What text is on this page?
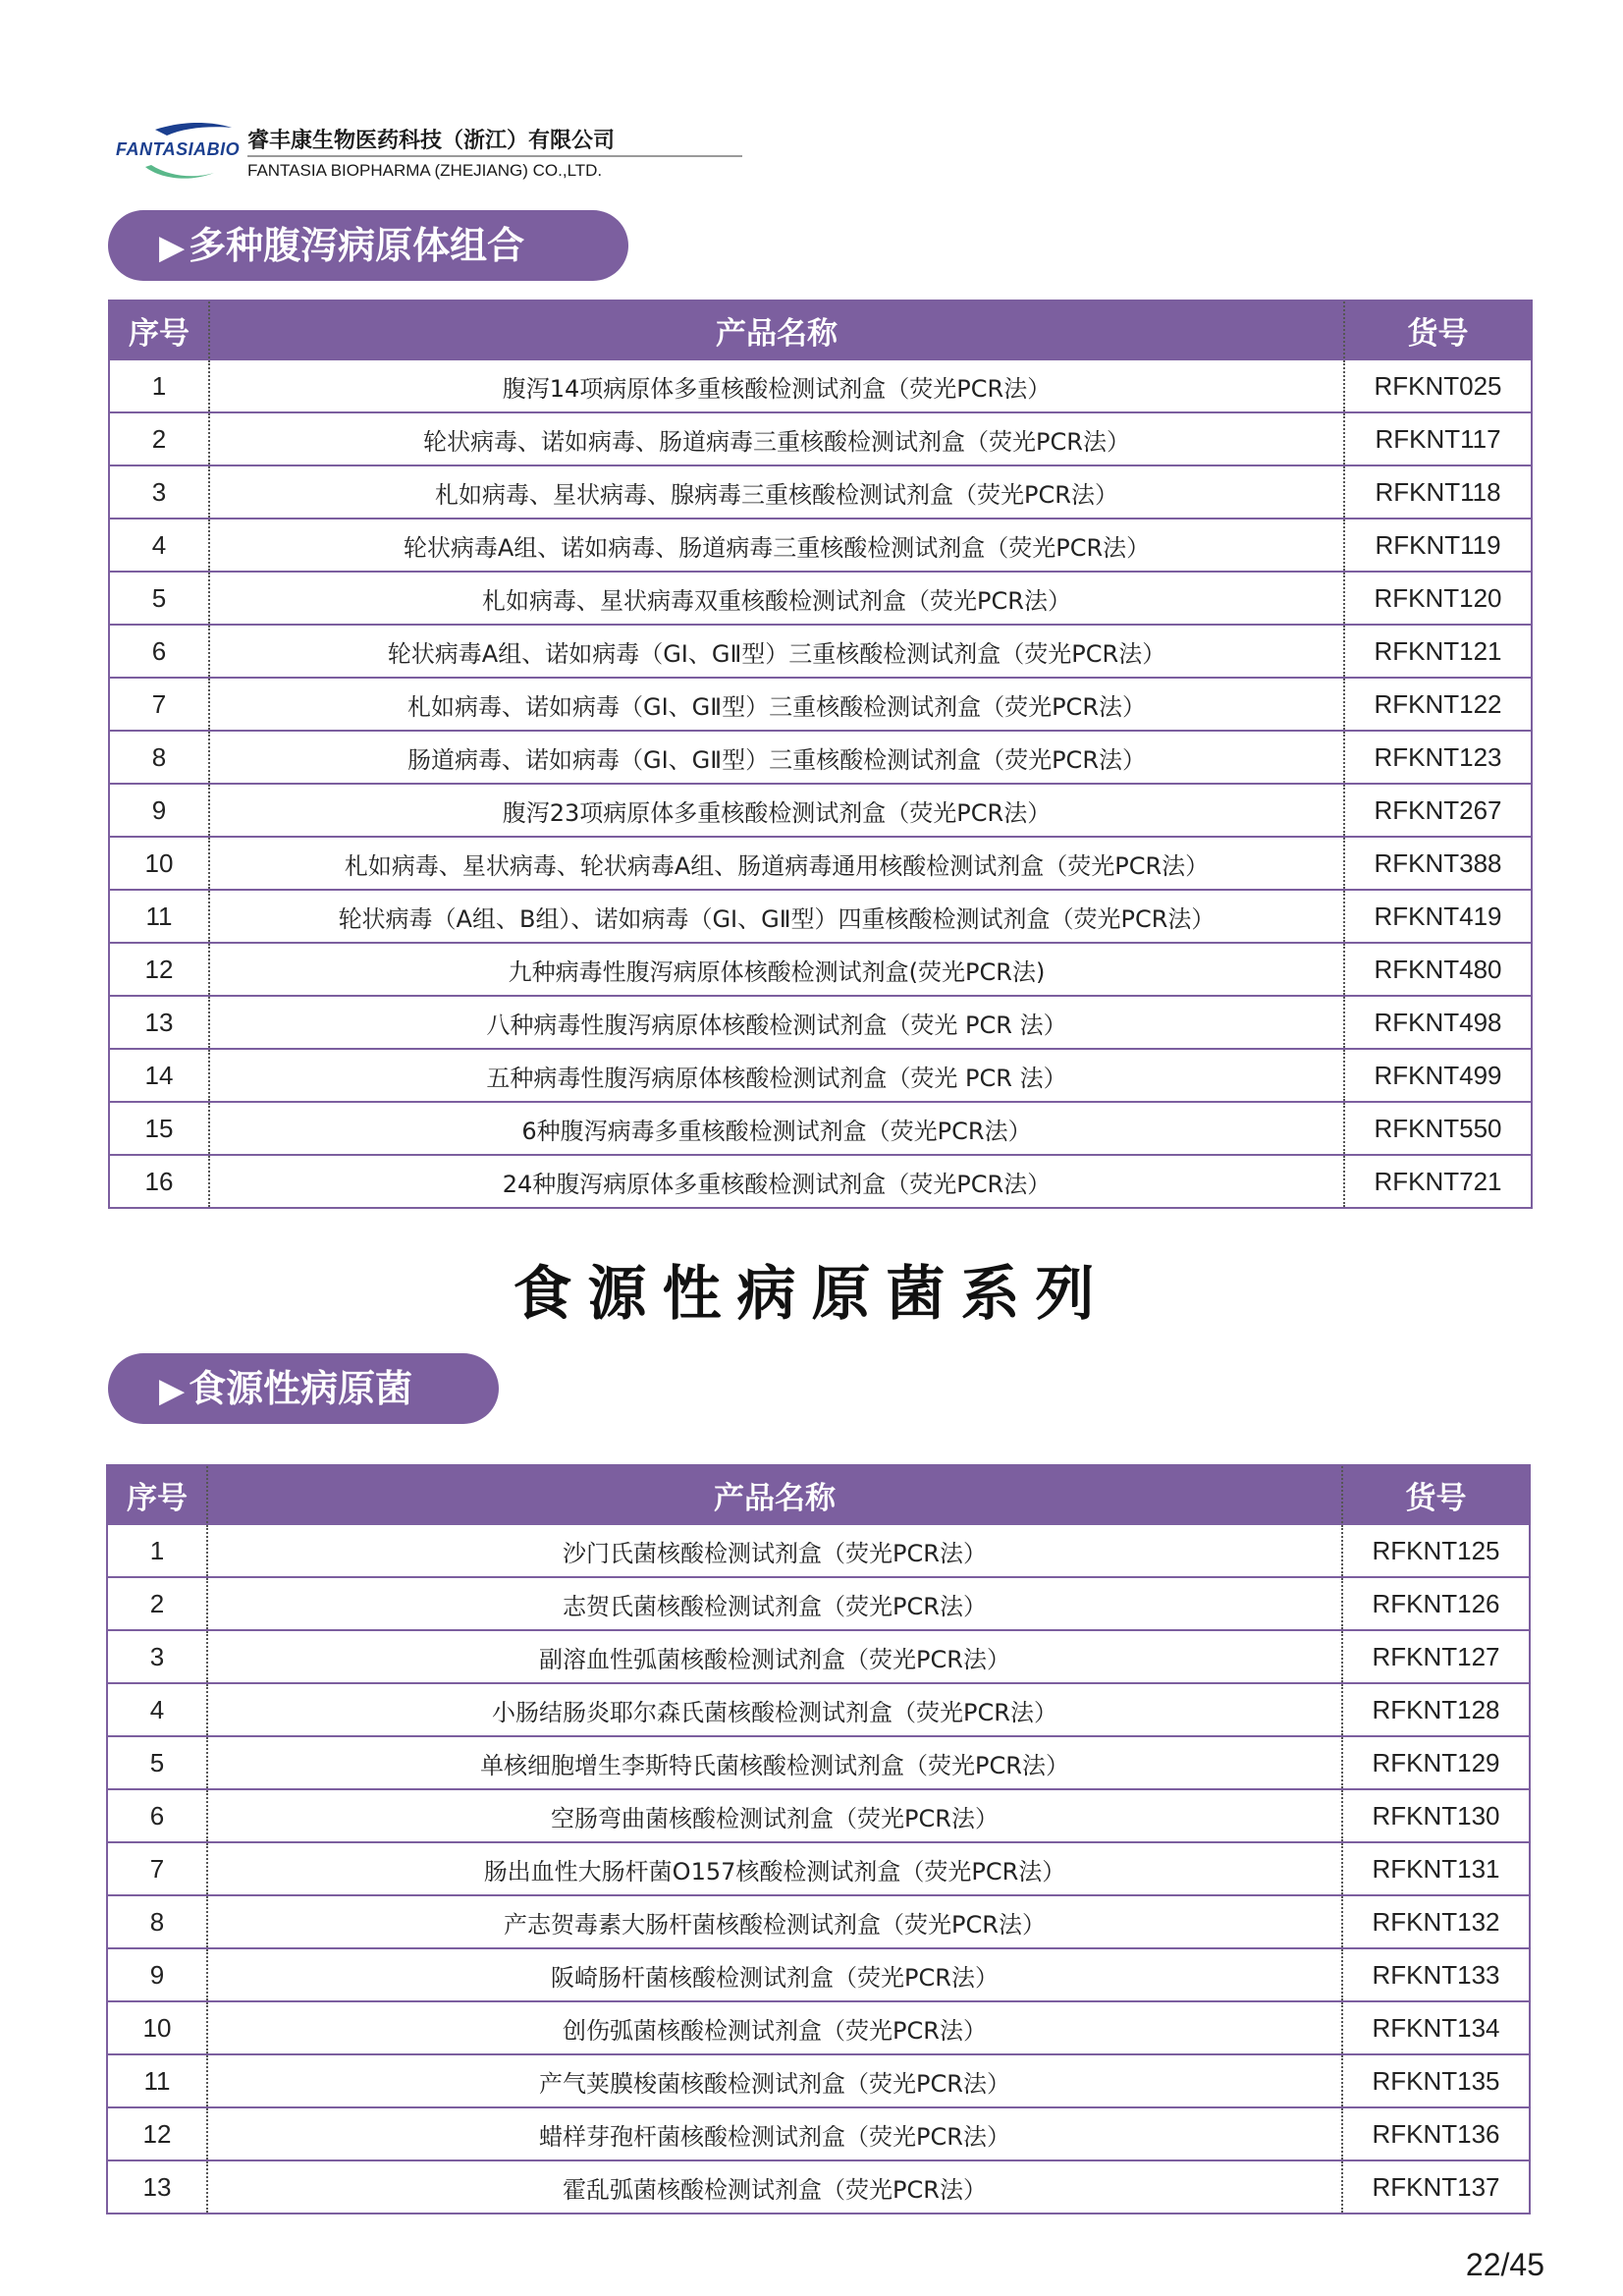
FANTASIABIO 睿丰康生物医药科技（浙江）有限公司
FANTASIA BIOPHARMA (ZHEJIANG) CO.,LTD.
▶ 多种腹泻病原体组合
序号	产品名称	货号
1	腹泻14项病原体多重核酸检测试剂盒（荧光PCR法）	RFKNT025
2	轮状病毒、诺如病毒、肠道病毒三重核酸检测试剂盒（荧光PCR法）	RFKNT117
3	札如病毒、星状病毒、腺病毒三重核酸检测试剂盒（荧光PCR法）	RFKNT118
4	轮状病毒A组、诺如病毒、肠道病毒三重核酸检测试剂盒（荧光PCR法）	RFKNT119
5	札如病毒、星状病毒双重核酸检测试剂盒（荧光PCR法）	RFKNT120
6	轮状病毒A组、诺如病毒（GⅠ、GⅡ型）三重核酸检测试剂盒（荧光PCR法）	RFKNT121
7	札如病毒、诺如病毒（GⅠ、GⅡ型）三重核酸检测试剂盒（荧光PCR法）	RFKNT122
8	肠道病毒、诺如病毒（GⅠ、GⅡ型）三重核酸检测试剂盒（荧光PCR法）	RFKNT123
9	腹泻23项病原体多重核酸检测试剂盒（荧光PCR法）	RFKNT267
10	札如病毒、星状病毒、轮状病毒A组、肠道病毒通用核酸检测试剂盒（荧光PCR法）	RFKNT388
11	轮状病毒（A组、B组）、诺如病毒（GⅠ、GⅡ型）四重核酸检测试剂盒（荧光PCR法）	RFKNT419
12	九种病毒性腹泻病原体核酸检测试剂盒(荧光PCR法)	RFKNT480
13	八种病毒性腹泻病原体核酸检测试剂盒（荧光 PCR 法）	RFKNT498
14	五种病毒性腹泻病原体核酸检测试剂盒（荧光 PCR 法）	RFKNT499
15	6种腹泻病毒多重核酸检测试剂盒（荧光PCR法）	RFKNT550
16	24种腹泻病原体多重核酸检测试剂盒（荧光PCR法）	RFKNT721
食源性病原菌系列
▶ 食源性病原菌
序号	产品名称	货号
1	沙门氏菌核酸检测试剂盒（荧光PCR法）	RFKNT125
2	志贺氏菌核酸检测试剂盒（荧光PCR法）	RFKNT126
3	副溶血性弧菌核酸检测试剂盒（荧光PCR法）	RFKNT127
4	小肠结肠炎耶尔森氏菌核酸检测试剂盒（荧光PCR法）	RFKNT128
5	单核细胞增生李斯特氏菌核酸检测试剂盒（荧光PCR法）	RFKNT129
6	空肠弯曲菌核酸检测试剂盒（荧光PCR法）	RFKNT130
7	肠出血性大肠杆菌O157核酸检测试剂盒（荧光PCR法）	RFKNT131
8	产志贺毒素大肠杆菌核酸检测试剂盒（荧光PCR法）	RFKNT132
9	阪崎肠杆菌核酸检测试剂盒（荧光PCR法）	RFKNT133
10	创伤弧菌核酸检测试剂盒（荧光PCR法）	RFKNT134
11	产气荚膜梭菌核酸检测试剂盒（荧光PCR法）	RFKNT135
12	蜡样芽孢杆菌核酸检测试剂盒（荧光PCR法）	RFKNT136
13	霍乱弧菌核酸检测试剂盒（荧光PCR法）	RFKNT137
22/45
